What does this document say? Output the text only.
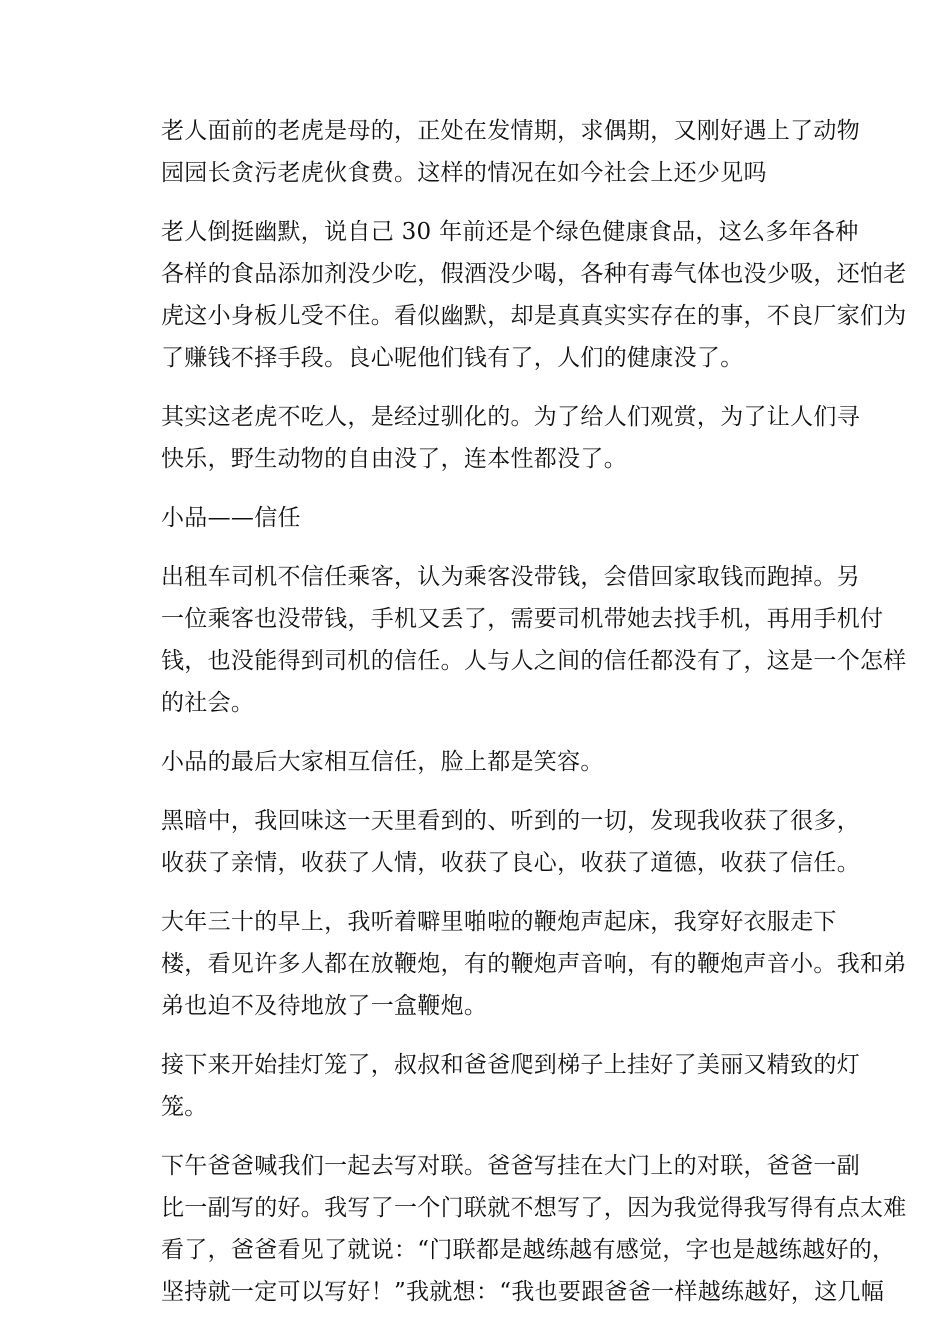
老人面前的老虎是母的，正处在发情期，求偶期，又刚好遇上了动物
园园长贪污老虎伙食费。这样的情况在如今社会上还少见吗

老人倒挺幽默，说自己 30 年前还是个绿色健康食品，这么多年各种
各样的食品添加剂没少吃，假酒没少喝，各种有毒气体也没少吸，还怕老
虎这小身板儿受不住。看似幽默，却是真真实实存在的事，不良厂家们为
了赚钱不择手段。良心呢他们钱有了，人们的健康没了。

其实这老虎不吃人，是经过驯化的。为了给人们观赏，为了让人们寻
快乐，野生动物的自由没了，连本性都没了。

小品——信任

出租车司机不信任乘客，认为乘客没带钱，会借回家取钱而跑掉。另
一位乘客也没带钱，手机又丢了，需要司机带她去找手机，再用手机付
钱，也没能得到司机的信任。人与人之间的信任都没有了，这是一个怎样
的社会。

小品的最后大家相互信任，脸上都是笑容。

黑暗中，我回味这一天里看到的、听到的一切，发现我收获了很多，
收获了亲情，收获了人情，收获了良心，收获了道德，收获了信任。

大年三十的早上，我听着噼里啪啦的鞭炮声起床，我穿好衣服走下
楼，看见许多人都在放鞭炮，有的鞭炮声音响，有的鞭炮声音小。我和弟
弟也迫不及待地放了一盒鞭炮。

接下来开始挂灯笼了，叔叔和爸爸爬到梯子上挂好了美丽又精致的灯
笼。

下午爸爸喊我们一起去写对联。爸爸写挂在大门上的对联，爸爸一副
比一副写的好。我写了一个门联就不想写了，因为我觉得我写得有点太难
看了，爸爸看见了就说：“门联都是越练越有感觉，字也是越练越好的，
坚持就一定可以写好！”我就想：“我也要跟爸爸一样越练越好，这几幅
